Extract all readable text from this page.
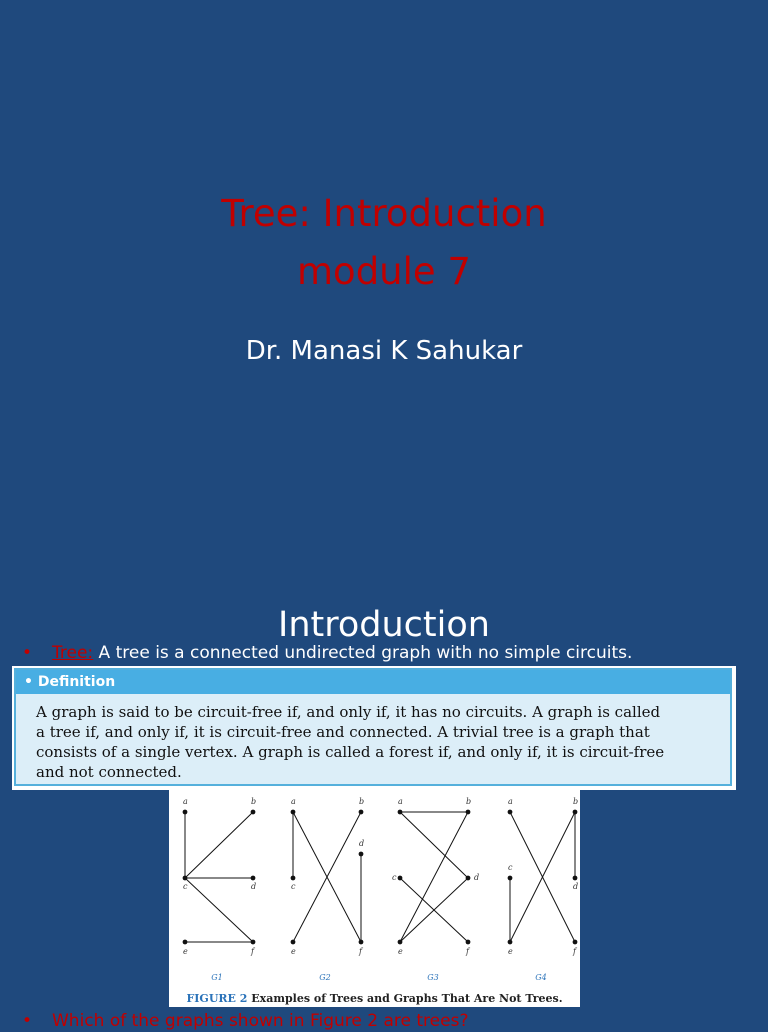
Tree: Introduction
module 7
Dr. Manasi K Sahukar
Introduction
• Tree: A tree is a connected undirected graph with no simple circuits.
• Definition
A graph is said to be circuit-free if, and only if, it has no circuits. A graph is called
a tree if, and only if, it is circuit-free and connected. A trivial tree is a graph that
consists of a single vertex. A graph is called a forest if, and only if, it is circuit-free
and not connected.
a	b
c	d
e	f
G1
a	b
c
d
e	f
G2
a	b
c	d
e	f
G3
a	b
c
d
e	f
G4
FIGURE 2 Examples of Trees and Graphs That Are Not Trees.
• Which of the graphs shown in Figure 2 are trees?
